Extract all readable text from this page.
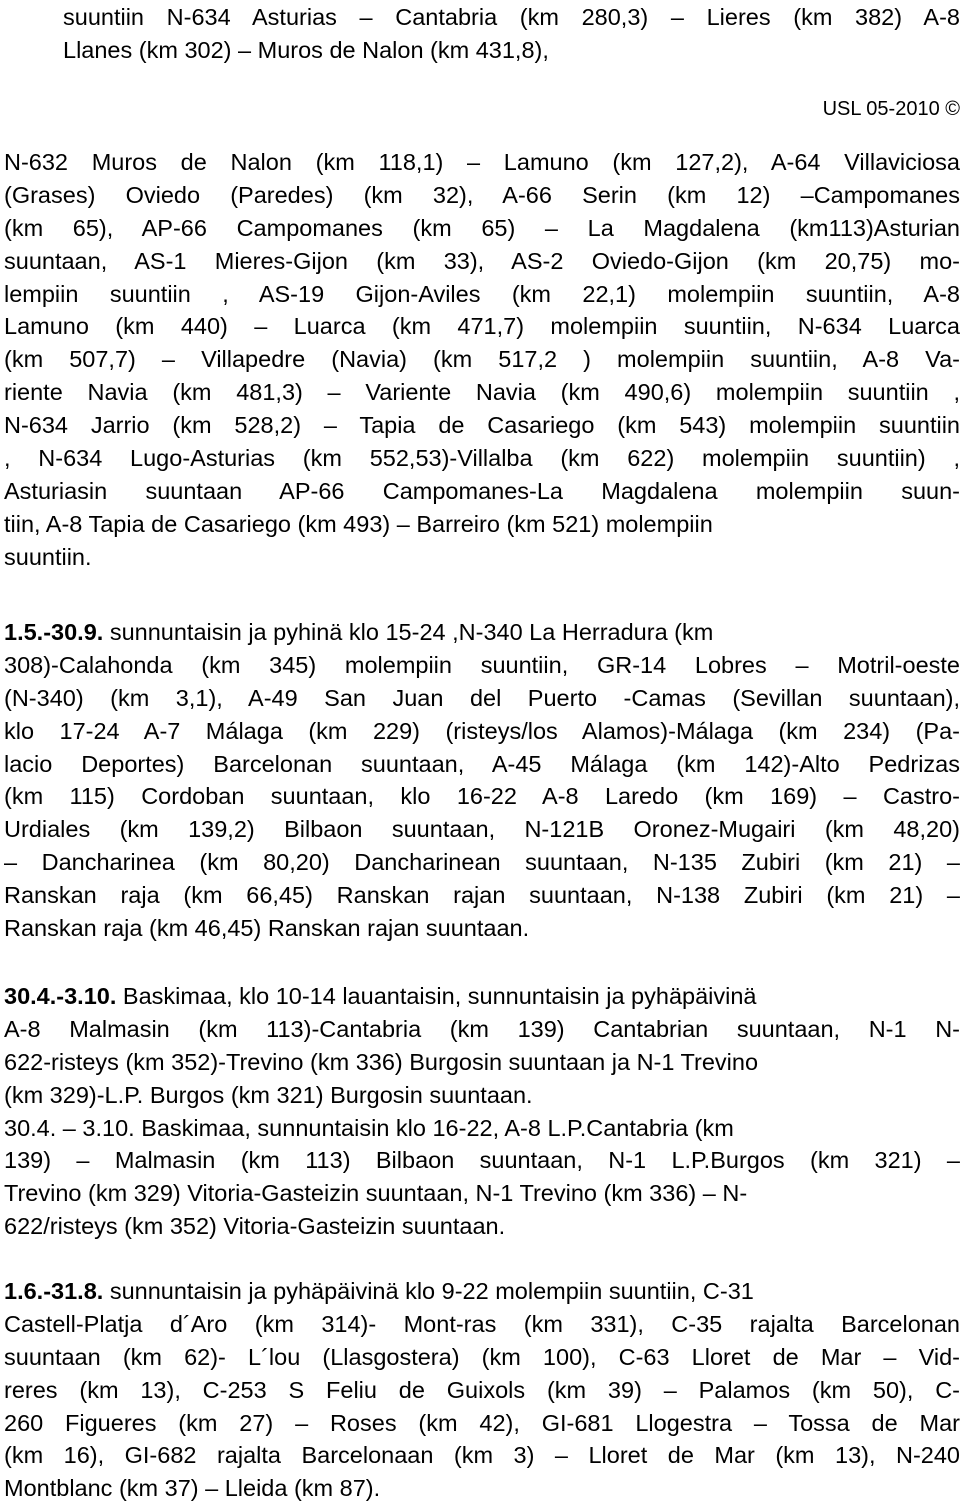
suuntiin N-634 Asturias – Cantabria (km 280,3) – Lieres (km 382) A-8
Llanes (km 302) – Muros de Nalon (km 431,8),
USL 05-2010 ©
N-632 Muros de Nalon (km 118,1) – Lamuno (km 127,2), A-64 Villaviciosa
(Grases) Oviedo (Paredes) (km 32), A-66 Serin (km 12) –Campomanes
(km 65), AP-66 Campomanes (km 65) – La Magdalena (km113)Asturian
suuntaan, AS-1 Mieres-Gijon (km 33), AS-2 Oviedo-Gijon (km 20,75) mo-
lempiin suuntiin , AS-19 Gijon-Aviles (km 22,1) molempiin suuntiin, A-8
Lamuno (km 440) – Luarca (km 471,7) molempiin suuntiin, N-634 Luarca
(km 507,7) – Villapedre (Navia) (km 517,2 ) molempiin suuntiin, A-8 Va-
riente Navia (km 481,3) – Variente Navia (km 490,6) molempiin suuntiin ,
N-634 Jarrio (km 528,2) – Tapia de Casariego (km 543) molempiin suuntiin
, N-634 Lugo-Asturias (km 552,53)-Villalba (km 622) molempiin suuntiin) ,
Asturiasin suuntaan AP-66 Campomanes-La Magdalena molempiin suun-
tiin, A-8 Tapia de Casariego (km 493) – Barreiro (km 521) molempiin
suuntiin.
1.5.-30.9. sunnuntaisin ja pyhinä klo 15-24 ,N-340 La Herradura (km
308)-Calahonda (km 345) molempiin suuntiin, GR-14 Lobres – Motril-oeste
(N-340) (km 3,1), A-49 San Juan del Puerto -Camas (Sevillan suuntaan),
klo 17-24 A-7 Málaga (km 229) (risteys/los Alamos)-Málaga (km 234) (Pa-
lacio Deportes) Barcelonan suuntaan, A-45 Málaga (km 142)-Alto Pedrizas
(km 115) Cordoban suuntaan, klo 16-22 A-8 Laredo (km 169) – Castro-
Urdiales (km 139,2) Bilbaon suuntaan, N-121B Oronez-Mugairi (km 48,20)
– Dancharinea (km 80,20) Dancharinean suuntaan, N-135 Zubiri (km 21) –
Ranskan raja (km 66,45) Ranskan rajan suuntaan, N-138 Zubiri (km 21) –
Ranskan raja (km 46,45) Ranskan rajan suuntaan.
30.4.-3.10. Baskimaa, klo 10-14 lauantaisin, sunnuntaisin ja pyhäpäivinä
A-8 Malmasin (km 113)-Cantabria (km 139) Cantabrian suuntaan, N-1 N-
622-risteys (km 352)-Trevino (km 336) Burgosin suuntaan ja N-1 Trevino
(km 329)-L.P. Burgos (km 321) Burgosin suuntaan.
30.4. – 3.10. Baskimaa, sunnuntaisin klo 16-22, A-8 L.P.Cantabria (km
139) – Malmasin (km 113) Bilbaon suuntaan, N-1 L.P.Burgos (km 321) –
Trevino (km 329) Vitoria-Gasteizin suuntaan, N-1 Trevino (km 336) – N-
622/risteys (km 352) Vitoria-Gasteizin suuntaan.
1.6.-31.8. sunnuntaisin ja pyhäpäivinä klo 9-22 molempiin suuntiin, C-31
Castell-Platja d´Aro (km 314)- Mont-ras (km 331), C-35 rajalta Barcelonan
suuntaan (km 62)- L´lou (Llasgostera) (km 100), C-63 Lloret de Mar – Vid-
reres (km 13), C-253 S Feliu de Guixols (km 39) – Palamos (km 50), C-
260 Figueres (km 27) – Roses (km 42), GI-681 Llogestra – Tossa de Mar
(km 16), GI-682 rajalta Barcelonaan (km 3) – Lloret de Mar (km 13), N-240
Montblanc (km 37) – Lleida (km 87).
